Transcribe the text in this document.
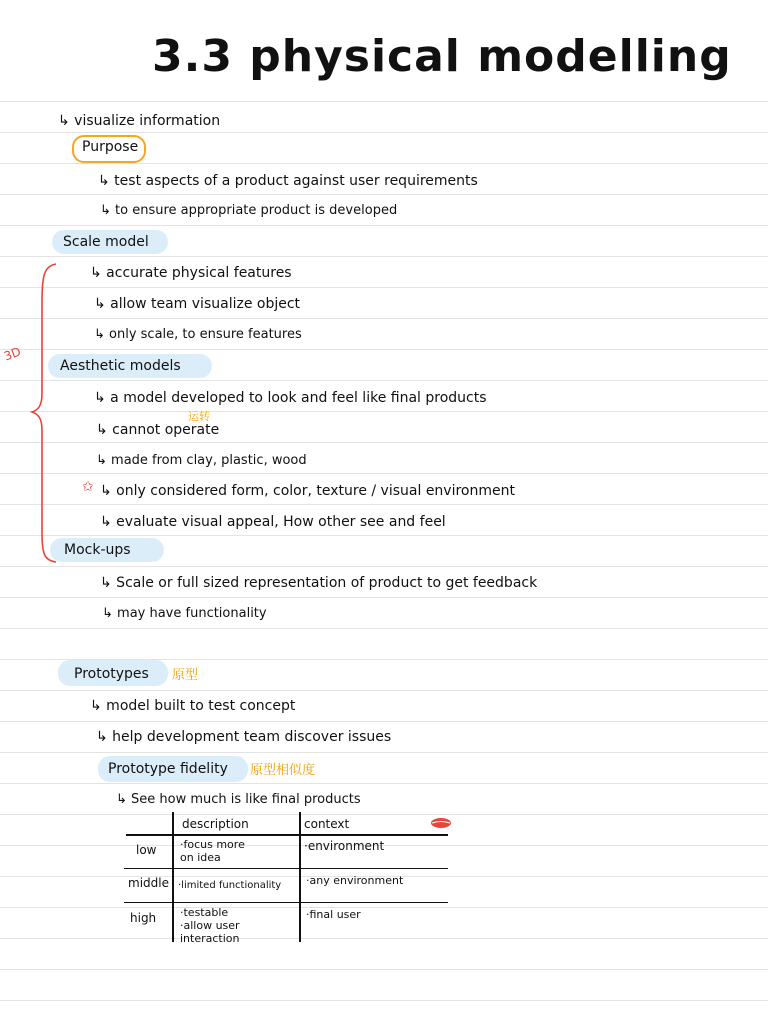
3.3 physical modelling
↳ visualize information
Purpose
↳ test aspects of a product against user requirements
↳ to ensure appropriate product is developed
Scale model
↳ accurate physical features
↳ allow team visualize object
↳ only scale, to ensure features
3D
Aesthetic models
↳ a model developed to look and feel like final products
运转
↳ cannot operate
↳ made from clay, plastic, wood
✩ ↳ only considered form, color, texture / visual environment
↳ evaluate visual appeal, How other see and feel
Mock-ups
↳ Scale or full sized representation of product to get feedback
↳ may have functionality
Prototypes 原型
↳ model built to test concept
↳ help development team discover issues
Prototype fidelity 原型相似度
↳ See how much is like final products
description	context
low ·focus more on idea
·environment
middle ·limited functionality ·any environment
high ·testable ·allow user interaction
·final user
